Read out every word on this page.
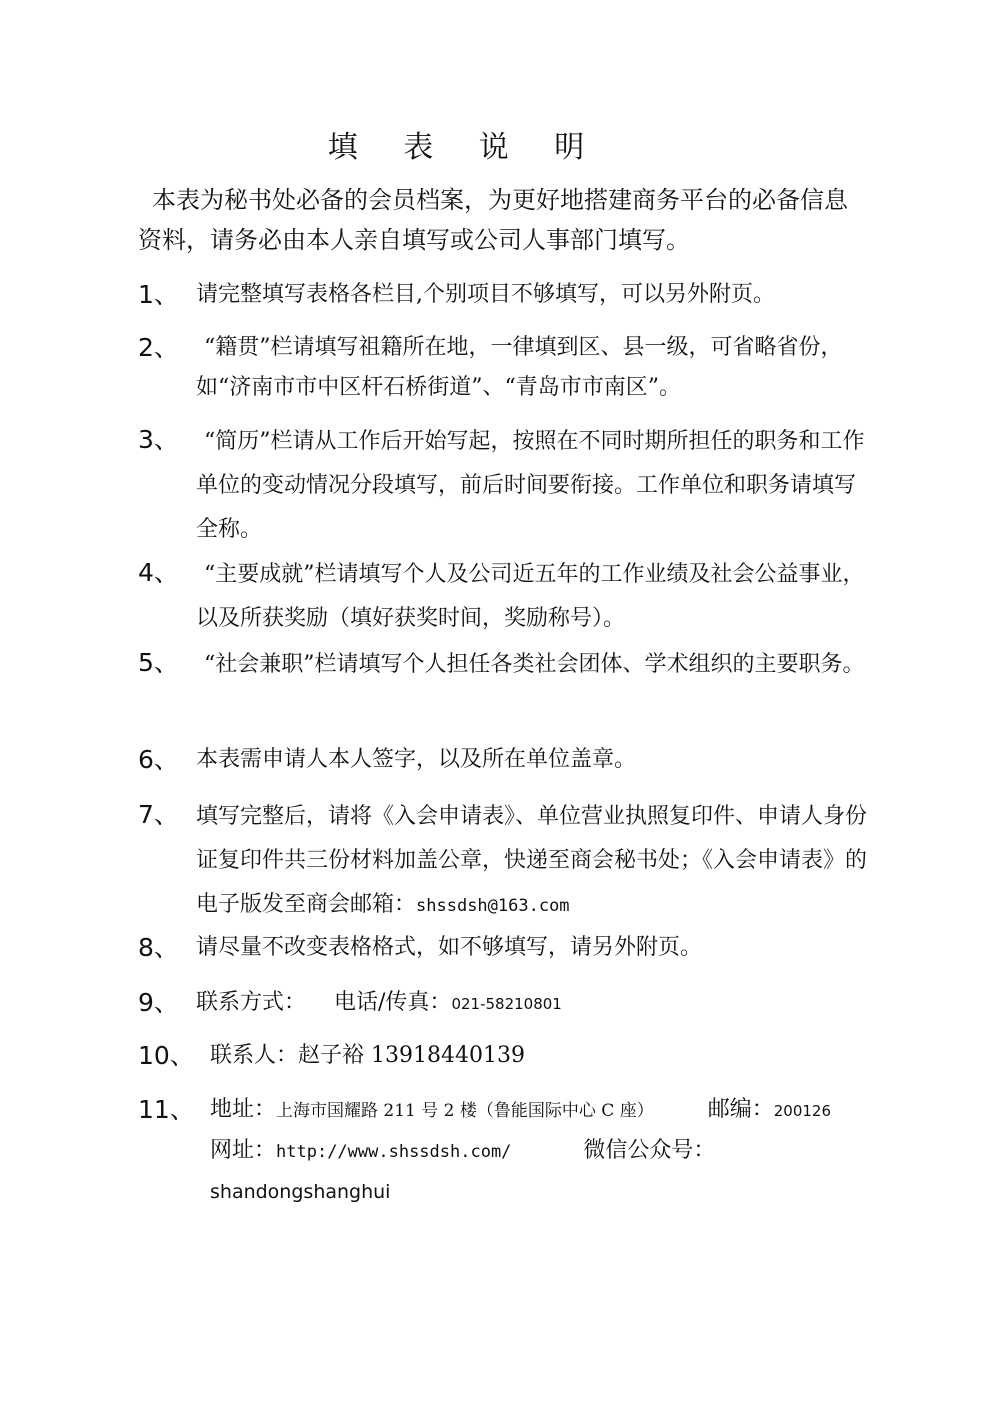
填 表 说 明
本表为秘书处必备的会员档案，为更好地搭建商务平台的必备信息资料，请务必由本人亲自填写或公司人事部门填写。
1、 请完整填写表格各栏目,个别项目不够填写，可以另外附页。
2、	“籍贯”栏请填写祖籍所在地，一律填到区、县一级，可省略省份，如“济南市市中区杆石桥街道”、“青岛市市南区”。
3、	“简历”栏请从工作后开始写起，按照在不同时期所担任的职务和工作单位的变动情况分段填写，前后时间要衔接。工作单位和职务请填写全称。
4、	“主要成就”栏请填写个人及公司近五年的工作业绩及社会公益事业，以及所获奖励（填好获奖时间，奖励称号）。
5、	“社会兼职”栏请填写个人担任各类社会团体、学术组织的主要职务。
6、 本表需申请人本人签字，以及所在单位盖章。
7、 填写完整后，请将《入会申请表》、单位营业执照复印件、申请人身份证复印件共三份材料加盖公章，快递至商会秘书处；《入会申请表》的电子版发至商会邮箱：shssdsh@163.com
8、 请尽量不改变表格格式，如不够填写，请另外附页。
9、 联系方式： 电话/传真：021-58210801
10、 联系人：赵子裕 13918440139
11、 地址：上海市国耀路 211 号 2 楼（鲁能国际中心 C 座） 邮编：200126
网址：http://www.shssdsh.com/	微信公众号：shandongshanghui
